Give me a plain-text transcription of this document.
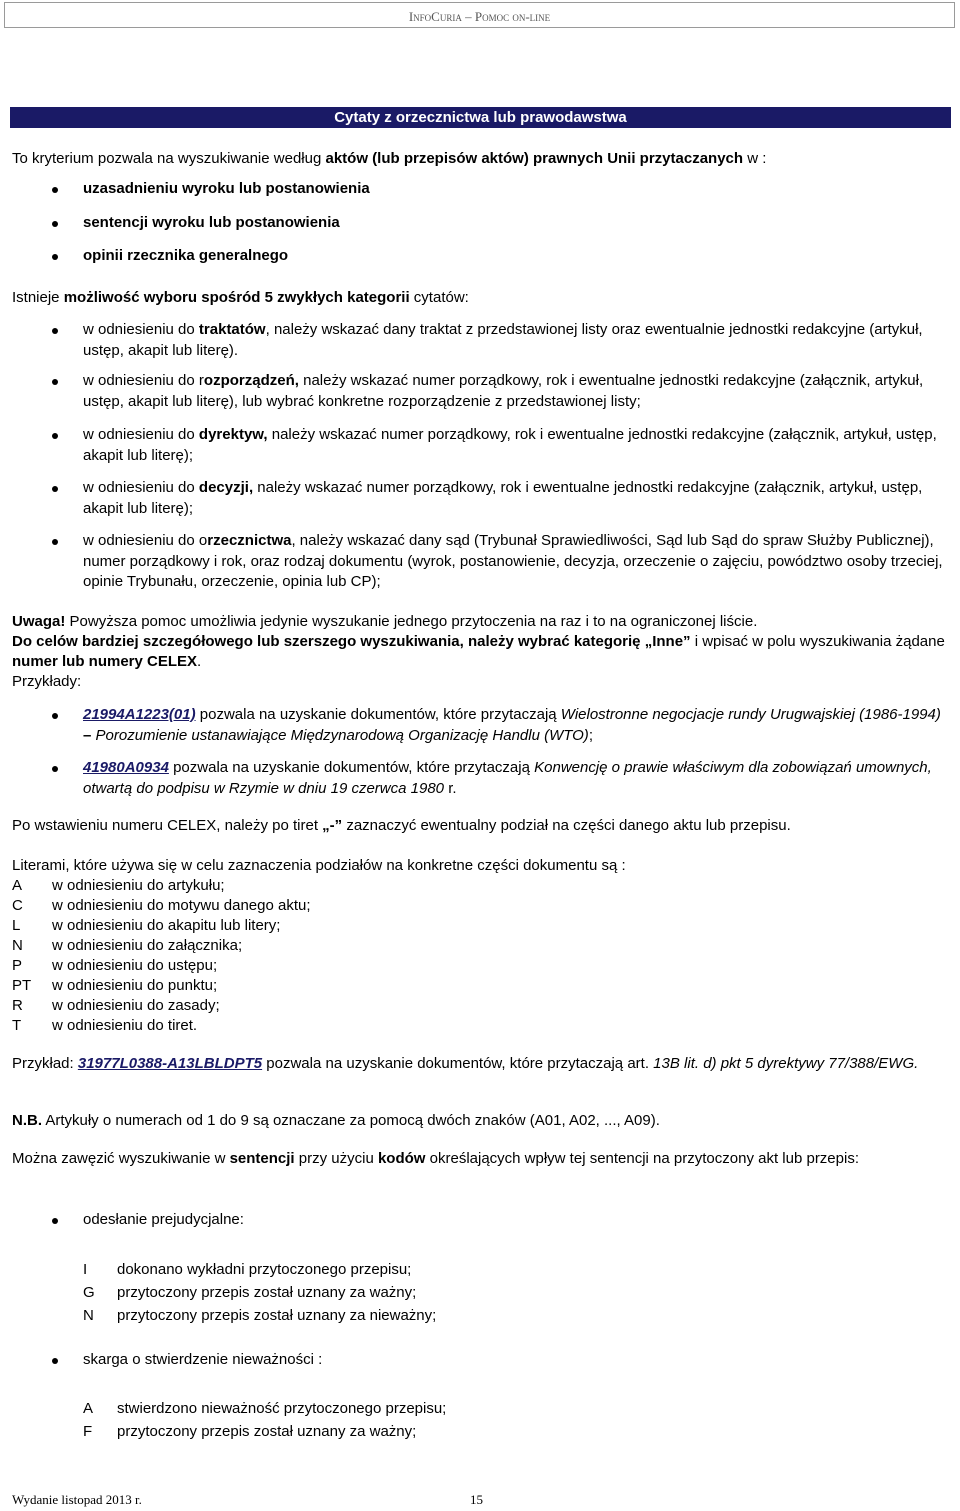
InfoCuria – Pomoc on-line
Cytaty z orzecznictwa lub prawodawstwa

To kryterium pozwala na wyszukiwanie według aktów (lub przepisów aktów) prawnych Unii przytaczanych w :

uzasadnieniu wyroku lub postanowienia
sentencji wyroku lub postanowienia
opinii rzecznika generalnego

Istnieje możliwość wyboru spośród 5 zwykłych kategorii cytatów:

w odniesieniu do traktatów, należy wskazać dany traktat z przedstawionej listy oraz ewentualnie jednostki redakcyjne (artykuł, ustęp, akapit lub literę).
w odniesieniu do rozporządzeń, należy wskazać numer porządkowy, rok i ewentualne jednostki redakcyjne (załącznik, artykuł, ustęp, akapit lub literę), lub wybrać konkretne rozporządzenie z przedstawionej listy;
w odniesieniu do dyrektyw, należy wskazać numer porządkowy, rok i ewentualne jednostki redakcyjne (załącznik, artykuł, ustęp, akapit lub literę);
w odniesieniu do decyzji, należy wskazać numer porządkowy, rok i ewentualne jednostki redakcyjne (załącznik, artykuł, ustęp, akapit lub literę);
w odniesieniu do orzecznictwa, należy wskazać dany sąd (Trybunał Sprawiedliwości, Sąd lub Sąd do spraw Służby Publicznej), numer porządkowy i rok, oraz rodzaj dokumentu (wyrok, postanowienie, decyzja, orzeczenie o zajęciu, powództwo osoby trzeciej, opinie Trybunału, orzeczenie, opinia lub CP);

Uwaga! Powyższa pomoc umożliwia jedynie wyszukanie jednego przytoczenia na raz i to na ograniczonej liście.
Do celów bardziej szczegółowego lub szerszego wyszukiwania, należy wybrać kategorię „Inne” i wpisać w polu wyszukiwania żądane numer lub numery CELEX.
Przykłady:

21994A1223(01) pozwala na uzyskanie dokumentów, które przytaczają Wielostronne negocjacje rundy Urugwajskiej (1986-1994) – Porozumienie ustanawiające Międzynarodową Organizację Handlu (WTO);
41980A0934 pozwala na uzyskanie dokumentów, które przytaczają Konwencję o prawie właściwym dla zobowiązań umownych, otwartą do podpisu w Rzymie w dniu 19 czerwca 1980 r.

Po wstawieniu numeru CELEX, należy po tiret „-” zaznaczyć ewentualny podział na części danego aktu lub przepisu.

Literami, które używa się w celu zaznaczenia podziałów na konkretne części dokumentu są :

A w odniesieniu do artykułu;
C w odniesieniu do motywu danego aktu;
L w odniesieniu do akapitu lub litery;
N w odniesieniu do załącznika;
P w odniesieniu do ustępu;
PT w odniesieniu do punktu;
R w odniesieniu do zasady;
T w odniesieniu do tiret.

Przykład: 31977L0388-A13LBLDPT5 pozwala na uzyskanie dokumentów, które przytaczają art. 13B lit. d) pkt 5 dyrektywy 77/388/EWG.

N.B. Artykuły o numerach od 1 do 9 są oznaczane za pomocą dwóch znaków (A01, A02, ..., A09).

Można zawęzić wyszukiwanie w sentencji przy użyciu kodów określających wpływ tej sentencji na przytoczony akt lub przepis:

odesłanie prejudycjalne:
I dokonano wykładni przytoczonego przepisu;
G przytoczony przepis został uznany za ważny;
N przytoczony przepis został uznany za nieważny;
skarga o stwierdzenie nieważności :
A stwierdzono nieważność przytoczonego przepisu;
F przytoczony przepis został uznany za ważny;
Wydanie listopad 2013 r.	15
